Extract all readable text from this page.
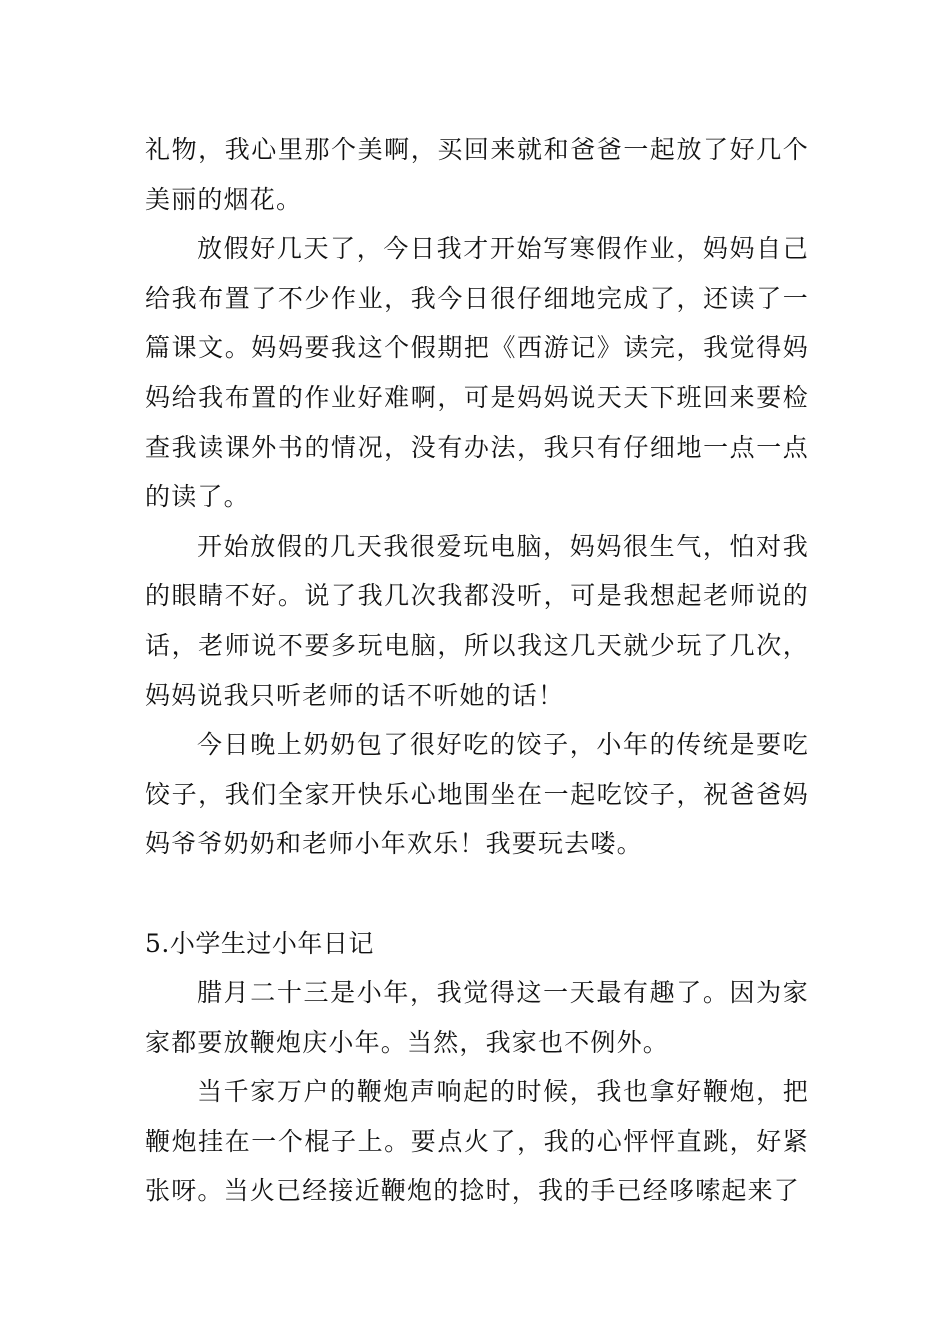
礼物，我心里那个美啊，买回来就和爸爸一起放了好几个美丽的烟花。

放假好几天了，今日我才开始写寒假作业，妈妈自己给我布置了不少作业，我今日很仔细地完成了，还读了一篇课文。妈妈要我这个假期把《西游记》读完，我觉得妈妈给我布置的作业好难啊，可是妈妈说天天下班回来要检查我读课外书的情况，没有办法，我只有仔细地一点一点的读了。

开始放假的几天我很爱玩电脑，妈妈很生气，怕对我的眼睛不好。说了我几次我都没听，可是我想起老师说的话，老师说不要多玩电脑，所以我这几天就少玩了几次，妈妈说我只听老师的话不听她的话！

今日晚上奶奶包了很好吃的饺子，小年的传统是要吃饺子，我们全家开快乐心地围坐在一起吃饺子，祝爸爸妈妈爷爷奶奶和老师小年欢乐！我要玩去喽。

5.小学生过小年日记

腊月二十三是小年，我觉得这一天最有趣了。因为家家都要放鞭炮庆小年。当然，我家也不例外。

当千家万户的鞭炮声响起的时候，我也拿好鞭炮，把鞭炮挂在一个棍子上。要点火了，我的心怦怦直跳，好紧张呀。当火已经接近鞭炮的捻时，我的手已经哆嗦起来了
